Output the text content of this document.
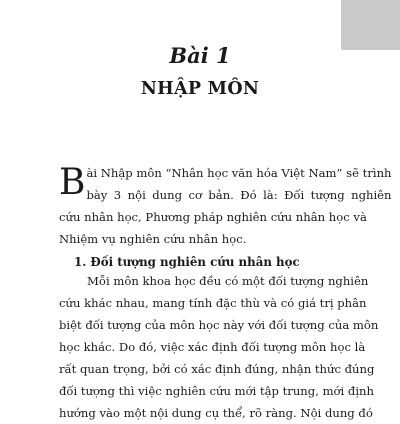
Bài 1
NHẬP MÔN
B ài Nhập môn “Nhân học văn hóa Việt Nam” sẽ trình
bày 3 nội dung cơ bản. Đó là: Đối tượng nghiên
cứu nhân học, Phương pháp nghiên cứu nhân học và
Nhiệm vụ nghiên cứu nhân học.
1. Đối tượng nghiên cứu nhân học
Mỗi môn khoa học đều có một đối tượng nghiên
cứu khác nhau, mang tính đặc thù và có giá trị phân
biệt đối tượng của môn học này với đối tượng của môn
học khác. Do đó, việc xác định đối tượng môn học là
rất quan trọng, bởi có xác định đúng, nhận thức đúng
đối tượng thì việc nghiên cứu mới tập trung, mới định
hướng vào một nội dung cụ thể, rõ ràng. Nội dung đó
